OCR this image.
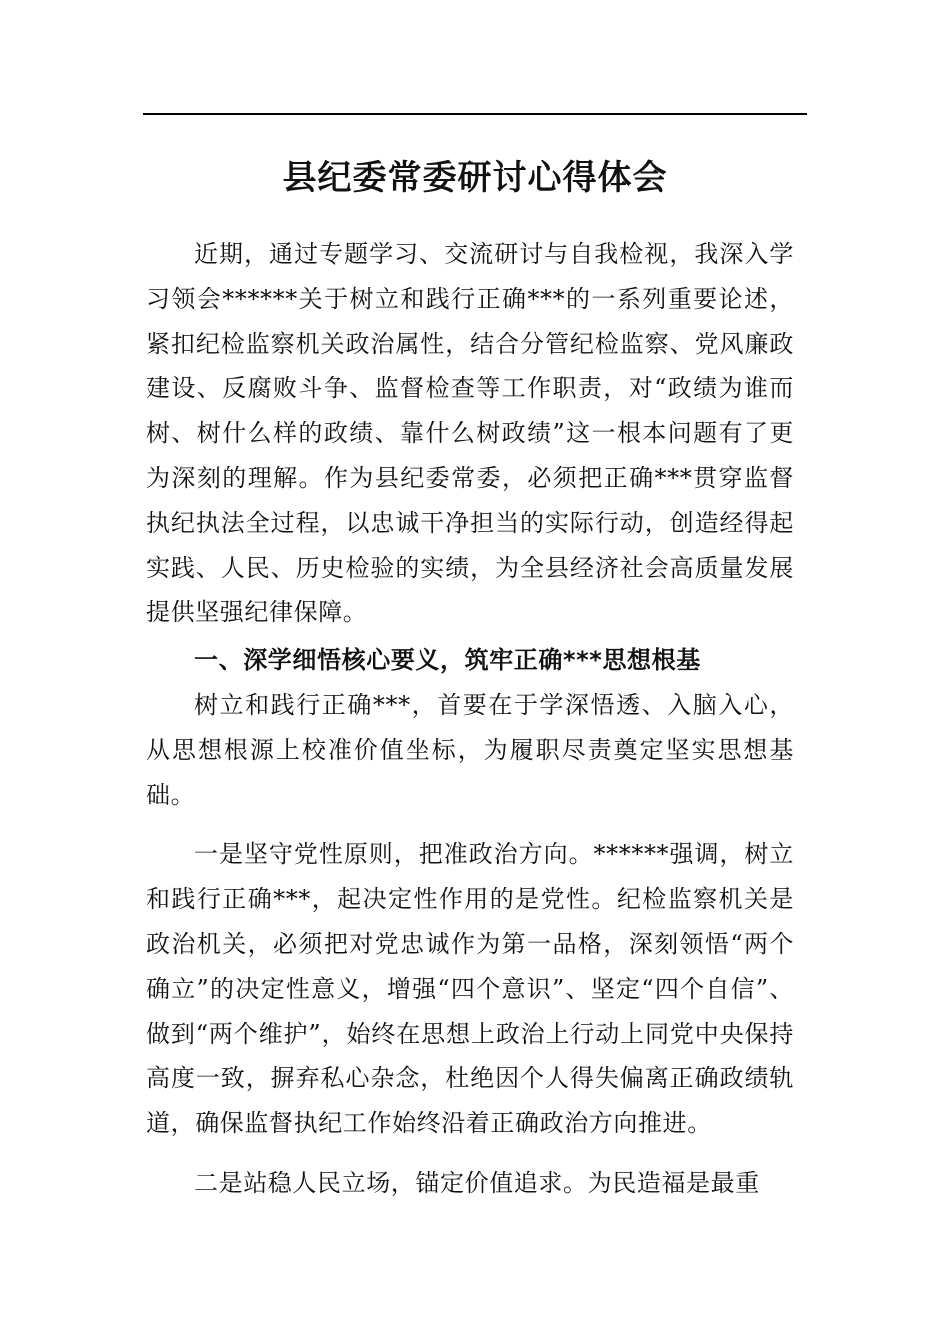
县纪委常委研讨心得体会

近期，通过专题学习、交流研讨与自我检视，我深入学习领会******关于树立和践行正确***的一系列重要论述，紧扣纪检监察机关政治属性，结合分管纪检监察、党风廉政建设、反腐败斗争、监督检查等工作职责，对“政绩为谁而树、树什么样的政绩、靠什么树政绩”这一根本问题有了更为深刻的理解。作为县纪委常委，必须把正确***贯穿监督执纪执法全过程，以忠诚干净担当的实际行动，创造经得起实践、人民、历史检验的实绩，为全县经济社会高质量发展提供坚强纪律保障。

一、深学细悟核心要义，筑牢正确***思想根基

树立和践行正确***，首要在于学深悟透、入脑入心，从思想根源上校准价值坐标，为履职尽责奠定坚实思想基础。

一是坚守党性原则，把准政治方向。******强调，树立和践行正确***，起决定性作用的是党性。纪检监察机关是政治机关，必须把对党忠诚作为第一品格，深刻领悟“两个确立”的决定性意义，增强“四个意识”、坚定“四个自信”、做到“两个维护”，始终在思想上政治上行动上同党中央保持高度一致，摒弃私心杂念，杜绝因个人得失偏离正确政绩轨道，确保监督执纪工作始终沿着正确政治方向推进。

二是站稳人民立场，锚定价值追求。为民造福是最重
